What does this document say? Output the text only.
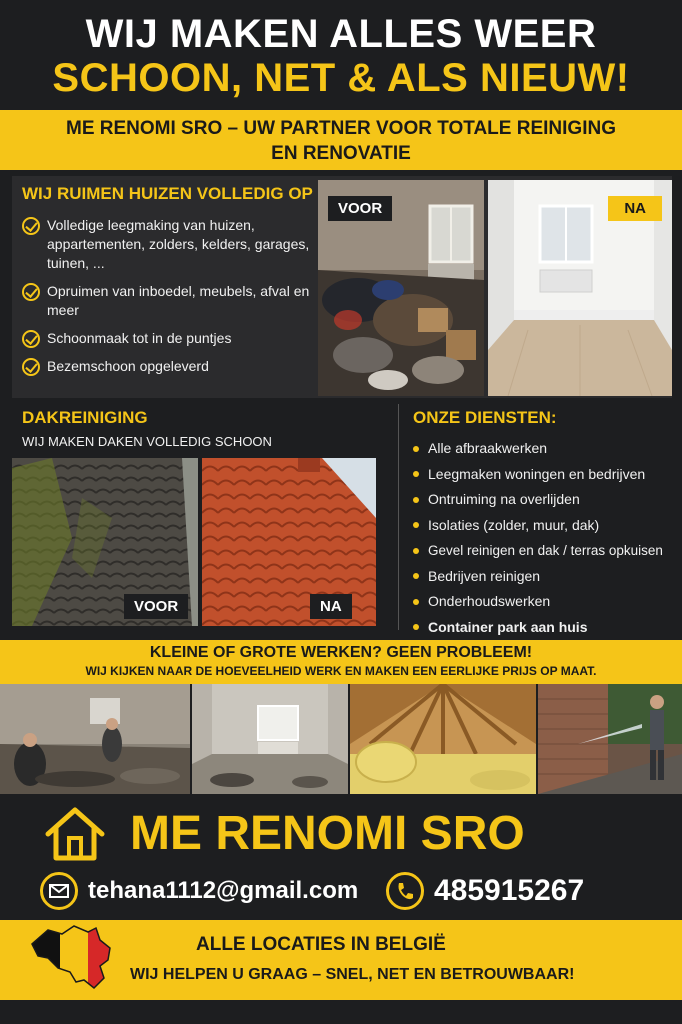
WIJ MAKEN ALLES WEER
SCHOON, NET & ALS NIEUW!
ME RENOMI SRO – UW PARTNER VOOR TOTALE REINIGING
EN RENOVATIE
WIJ RUIMEN HUIZEN VOLLEDIG OP
Volledige leegmaking van huizen, appartementen, zolders, kelders, garages, tuinen, ...
Opruimen van inboedel, meubels, afval en meer
Schoonmaak tot in de puntjes
Bezemschoon opgeleverd
VOOR	NA
DAKREINIGING
WIJ MAKEN DAKEN VOLLEDIG SCHOON
VOOR	NA
ONZE DIENSTEN:
Alle afbraakwerken
Leegmaken woningen en bedrijven
Ontruiming na overlijden
Isolaties (zolder, muur, dak)
Gevel reinigen en dak / terras opkuisen
Bedrijven reinigen
Onderhoudswerken
Container park aan huis
KLEINE OF GROTE WERKEN? GEEN PROBLEEM!
WIJ KIJKEN NAAR DE HOEVEELHEID WERK EN MAKEN EEN EERLIJKE PRIJS OP MAAT.
ME RENOMI SRO
tehana1112@gmail.com	485915267
ALLE LOCATIES IN BELGIË
WIJ HELPEN U GRAAG – SNEL, NET EN BETROUWBAAR!
